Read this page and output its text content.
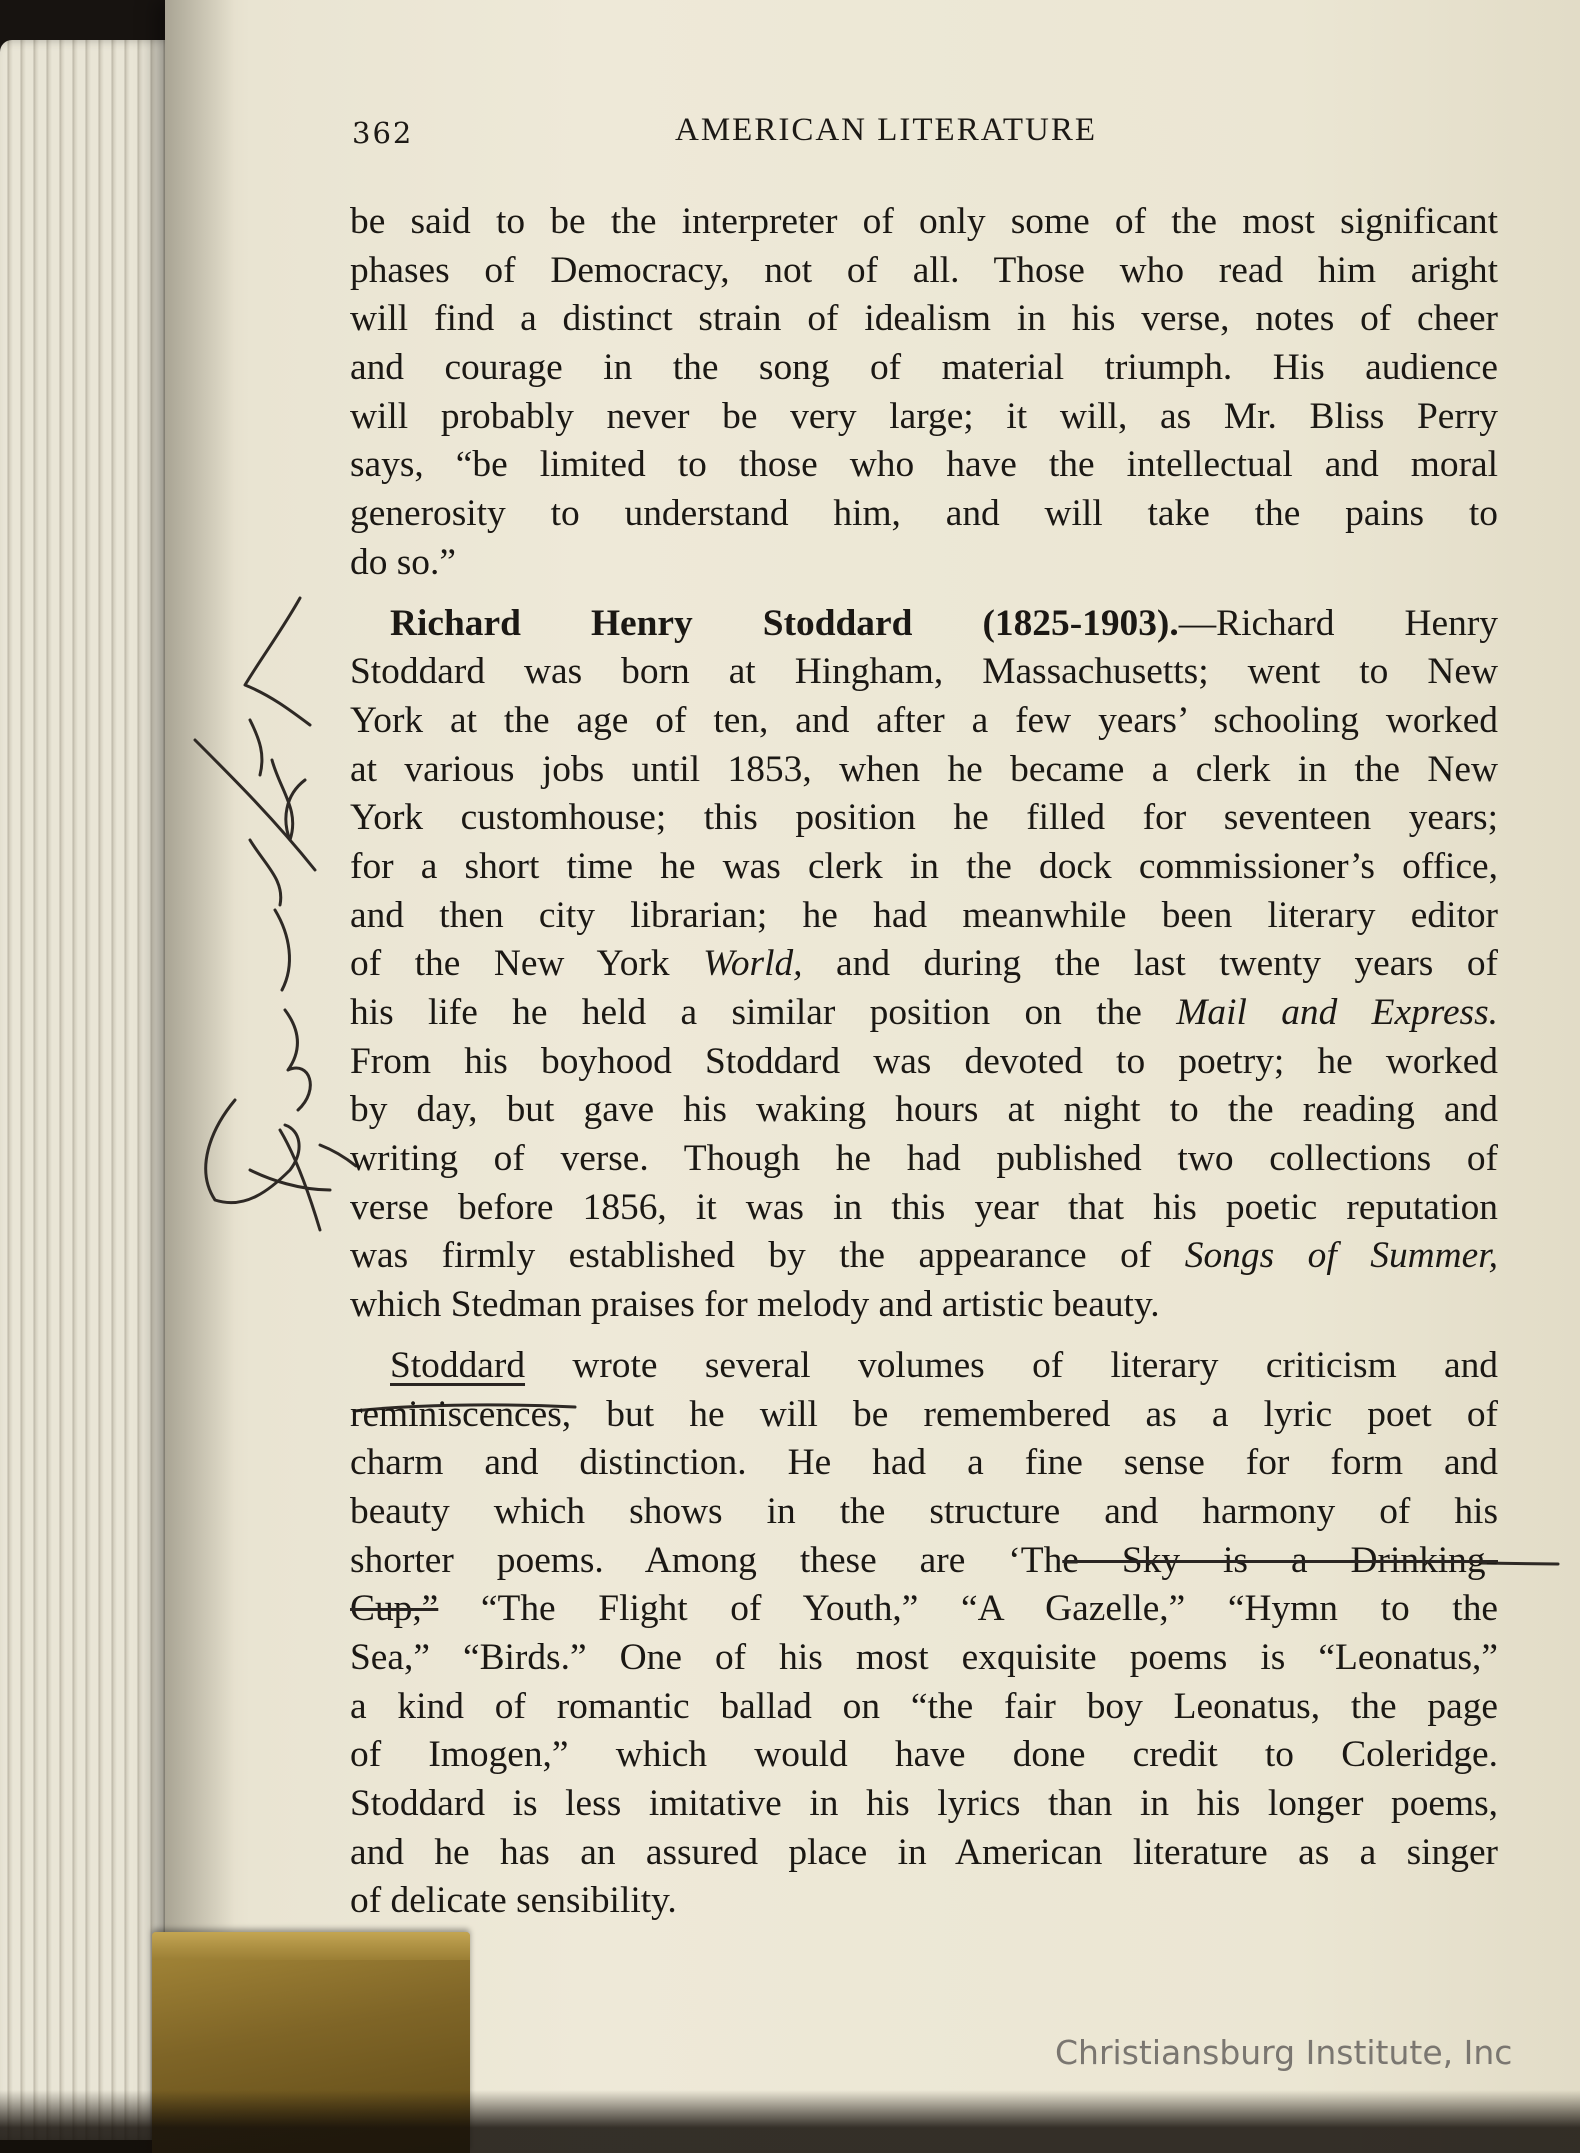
362	AMERICAN LITERATURE
be said to be the interpreter of only some of the most significant
phases of Democracy, not of all. Those who read him aright
will find a distinct strain of idealism in his verse, notes of cheer
and courage in the song of material triumph. His audience
will probably never be very large; it will, as Mr. Bliss Perry
says, “be limited to those who have the intellectual and moral
generosity to understand him, and will take the pains to
do so.”
Richard Henry Stoddard (1825-1903).—Richard Henry
Stoddard was born at Hingham, Massachusetts; went to New
York at the age of ten, and after a few years’ schooling worked
at various jobs until 1853, when he became a clerk in the New
York customhouse; this position he filled for seventeen years;
for a short time he was clerk in the dock commissioner’s office,
and then city librarian; he had meanwhile been literary editor
of the New York World, and during the last twenty years of
his life he held a similar position on the Mail and Express.
From his boyhood Stoddard was devoted to poetry; he worked
by day, but gave his waking hours at night to the reading and
writing of verse. Though he had published two collections of
verse before 1856, it was in this year that his poetic reputation
was firmly established by the appearance of Songs of Summer,
which Stedman praises for melody and artistic beauty.
Stoddard wrote several volumes of literary criticism and
reminiscences, but he will be remembered as a lyric poet of
charm and distinction. He had a fine sense for form and
beauty which shows in the structure and harmony of his
shorter poems. Among these are ‘The Sky is a Drinking-
Cup,” “The Flight of Youth,” “A Gazelle,” “Hymn to the
Sea,” “Birds.” One of his most exquisite poems is “Leonatus,”
a kind of romantic ballad on “the fair boy Leonatus, the page
of Imogen,” which would have done credit to Coleridge.
Stoddard is less imitative in his lyrics than in his longer poems,
and he has an assured place in American literature as a singer
of delicate sensibility.
Christiansburg Institute, Inc
